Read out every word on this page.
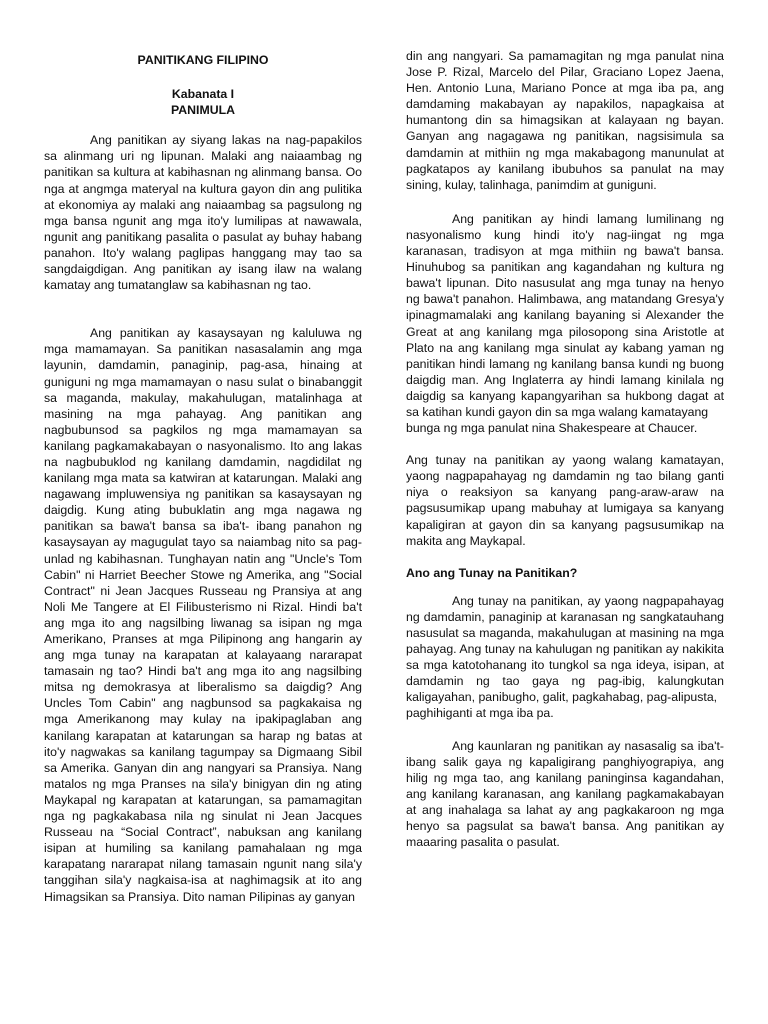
PANITIKANG FILIPINO
Kabanata I
PANIMULA

Ang panitikan ay siyang lakas na nag-papakilos sa alinmang uri ng lipunan. Malaki ang naiaambag ng panitikan sa kultura at kabihasnan ng alinmang bansa. Oo nga at angmga materyal na kultura gayon din ang pulitika at ekonomiya ay malaki ang naiaambag sa pagsulong ng mga bansa ngunit ang mga ito'y lumilipas at nawawala, ngunit ang panitikang pasalita o pasulat ay buhay habang panahon. Ito'y walang paglipas hanggang may tao sa sangdaigdigan. Ang panitikan ay isang ilaw na walang kamatay ang tumatanglaw sa kabihasnan ng tao.

Ang panitikan ay kasaysayan ng kaluluwa ng mga mamamayan. Sa panitikan nasasalamin ang mga layunin, damdamin, panaginip, pag-asa, hinaing at guniguni ng mga mamamayan o nasu sulat o binabanggit sa maganda, makulay, makahulugan, matalinhaga at masining na mga pahayag. Ang panitikan ang nagbubunsod sa pagkilos ng mga mamamayan sa kanilang pagkamakabayan o nasyonalismo. Ito ang lakas na nagbubuklod ng kanilang damdamin, nagdidilat ng kanilang mga mata sa katwiran at katarungan. Malaki ang nagawang impluwensiya ng panitikan sa kasaysayan ng daigdig. Kung ating bubuklatin ang mga nagawa ng panitikan sa bawa't bansa sa iba't- ibang panahon ng kasaysayan ay magugulat tayo sa naiambag nito sa pag-unlad ng kabihasnan. Tunghayan natin ang "Uncle's Tom Cabin" ni Harriet Beecher Stowe ng Amerika, ang "Social Contract" ni Jean Jacques Russeau ng Pransiya at ang Noli Me Tangere at El Filibusterismo ni Rizal. Hindi ba't ang mga ito ang nagsilbing liwanag sa isipan ng mga Amerikano, Pranses at mga Pilipinong ang hangarin ay ang mga tunay na karapatan at kalayaang nararapat tamasain ng tao? Hindi ba't ang mga ito ang nagsilbing mitsa ng demokrasya at liberalismo sa daigdig? Ang Uncles Tom Cabin" ang nagbunsod sa pagkakaisa ng mga Amerikanong may kulay na ipakipaglaban ang kanilang karapatan at katarungan sa harap ng batas at ito'y nagwakas sa kanilang tagumpay sa Digmaang Sibil sa Amerika. Ganyan din ang nangyari sa Pransiya. Nang matalos ng mga Pranses na sila'y binigyan din ng ating Maykapal ng karapatan at katarungan, sa pamamagitan nga ng pagkakabasa nila ng sinulat ni Jean Jacques Russeau na “Social Contract”, nabuksan ang kanilang isipan at humiling sa kanilang pamahalaan ng mga karapatang nararapat nilang tamasain ngunit nang sila'y tanggihan sila'y nagkaisa-isa at naghimagsik at ito ang Himagsikan sa Pransiya. Dito naman Pilipinas ay ganyan

din ang nangyari. Sa pamamagitan ng mga panulat nina Jose P. Rizal, Marcelo del Pilar, Graciano Lopez Jaena, Hen. Antonio Luna, Mariano Ponce at mga iba pa, ang damdaming makabayan ay napakilos, napagkaisa at humantong din sa himagsikan at kalayaan ng bayan. Ganyan ang nagagawa ng panitikan, nagsisimula sa damdamin at mithiin ng mga makabagong manunulat at pagkatapos ay kanilang ibubuhos sa panulat na may sining, kulay, talinhaga, panimdim at guniguni.

Ang panitikan ay hindi lamang lumilinang ng nasyonalismo kung hindi ito'y nag-iingat ng mga karanasan, tradisyon at mga mithiin ng bawa't bansa. Hinuhubog sa panitikan ang kagandahan ng kultura ng bawa't lipunan. Dito nasusulat ang mga tunay na henyo ng bawa't panahon. Halimbawa, ang matandang Gresya'y ipinagmamalaki ang kanilang bayaning si Alexander the Great at ang kanilang mga pilosopong sina Aristotle at Plato na ang kanilang mga sinulat ay kabang yaman ng panitikan hindi lamang ng kanilang bansa kundi ng buong daigdig man. Ang Inglaterra ay hindi lamang kinilala ng daigdig sa kanyang kapangyarihan sa hukbong dagat at sa katihan kundi gayon din sa mga walang kamatayang

bunga ng mga panulat nina Shakespeare at Chaucer.

Ang tunay na panitikan ay yaong walang kamatayan, yaong nagpapahayag ng damdamin ng tao bilang ganti niya o reaksiyon sa kanyang pang-araw-araw na pagsusumikap upang mabuhay at lumigaya sa kanyang kapaligiran at gayon din sa kanyang pagsusumikap na makita ang Maykapal.

Ano ang Tunay na Panitikan?

Ang tunay na panitikan, ay yaong nagpapahayag ng damdamin, panaginip at karanasan ng sangkatauhang nasusulat sa maganda, makahulugan at masining na mga pahayag. Ang tunay na kahulugan ng panitikan ay nakikita sa mga katotohanang ito tungkol sa nga ideya, isipan, at damdamin ng tao gaya ng pag-ibig, kalungkutan kaligayahan, panibugho, galit, pagkahabag, pag-alipusta,

paghihiganti at mga iba pa.

Ang kaunlaran ng panitikan ay nasasalig sa iba't-ibang salik gaya ng kapaligirang panghiyograpiya, ang hilig ng mga tao, ang kanilang paninginsa kagandahan, ang kanilang karanasan, ang kanilang pagkamakabayan at ang inahalaga sa lahat ay ang pagkakaroon ng mga henyo sa pagsulat sa bawa't bansa. Ang panitikan ay maaaring pasalita o pasulat.
